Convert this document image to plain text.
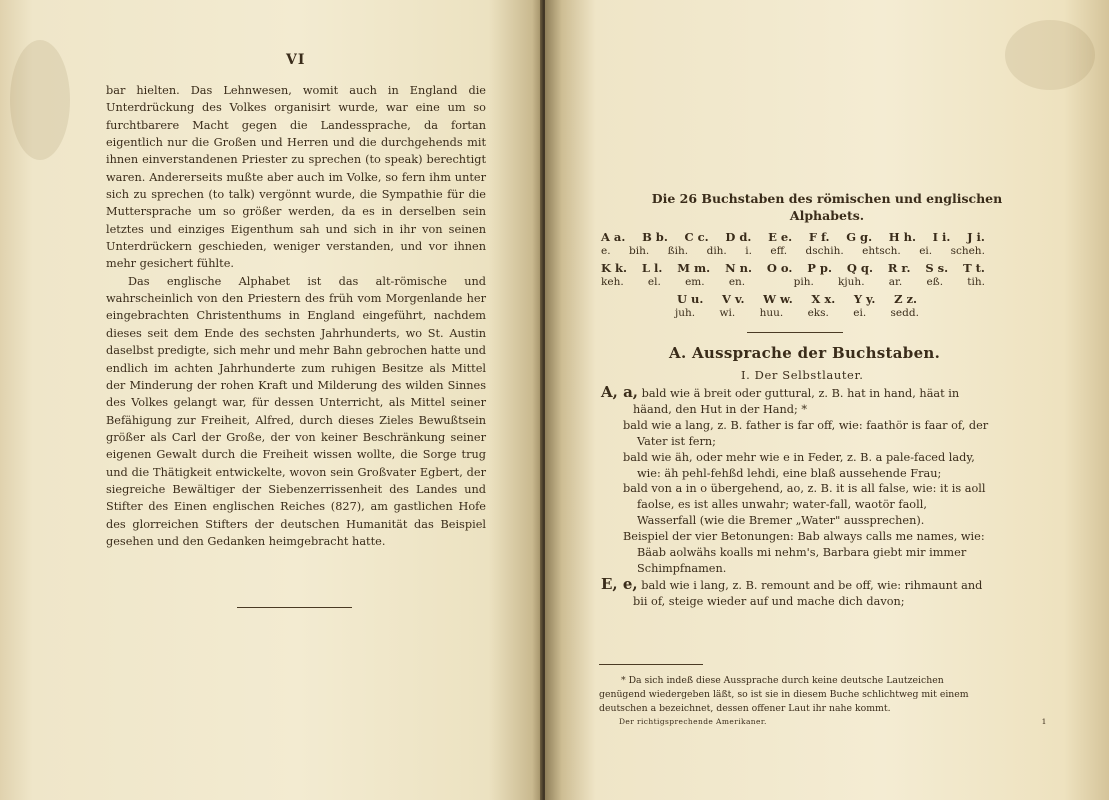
VI

bar hielten. Das Lehnwesen, womit auch in England die Unterdrückung des Volkes organisirt wurde, war eine um so furchtbarere Macht gegen die Landessprache, da fortan eigentlich nur die Großen und Herren und die durchgehends mit ihnen einverstandenen Priester zu sprechen (to speak) berechtigt waren. Andererseits mußte aber auch im Volke, so fern ihm unter sich zu sprechen (to talk) vergönnt wurde, die Sympathie für die Muttersprache um so größer werden, da es in derselben sein letztes und einziges Eigenthum sah und sich in ihr von seinen Unterdrückern geschieden, weniger verstanden, und vor ihnen mehr gesichert fühlte.

Das englische Alphabet ist das alt-römische und wahrscheinlich von den Priestern des früh vom Morgenlande her eingebrachten Christenthums in England eingeführt, nachdem dieses seit dem Ende des sechsten Jahrhunderts, wo St. Austin daselbst predigte, sich mehr und mehr Bahn gebrochen hatte und endlich im achten Jahrhunderte zum ruhigen Besitze als Mittel der Minderung der rohen Kraft und Milderung des wilden Sinnes des Volkes gelangt war, für dessen Unterricht, als Mittel seiner Befähigung zur Freiheit, Alfred, durch dieses Zieles Bewußtsein größer als Carl der Große, der von keiner Beschränkung seiner eigenen Gewalt durch die Freiheit wissen wollte, die Sorge trug und die Thätigkeit entwickelte, wovon sein Großvater Egbert, der siegreiche Bewältiger der Siebenzerrissenheit des Landes und Stifter des Einen englischen Reiches (827), am gastlichen Hofe des glorreichen Stifters der deutschen Humanität das Beispiel gesehen und den Gedanken heimgebracht hatte.

Die 26 Buchstaben des römischen und englischen
Alphabets.
A a. B b. C c. D d. E e. F f. G g. H h. I i. J i.
e. bih. ßih. dih. i. eff. dschih. ehtsch. ei. scheh.
K k. L l. M m. N n. O o. P p. Q q. R r. S s. T t.
keh. el. em. en.	pih. kjuh. ar. eß. tih.
U u. V v. W w. X x. Y y. Z z.
juh. wi. huu. eks. ei. sedd.
A. Aussprache der Buchstaben.
I. Der Selbstlauter.

A, a, bald wie ä breit oder guttural, z. B. hat in hand, häat in häand, den Hut in der Hand; *

bald wie a lang, z. B. father is far off, wie: faathör is faar of, der Vater ist fern;

bald wie äh, oder mehr wie e in Feder, z. B. a pale-faced lady, wie: äh pehl-fehßd lehdi, eine blaß aussehende Frau;

bald von a in o übergehend, ao, z. B. it is all false, wie: it is aoll faolse, es ist alles unwahr; water-fall, waotör faoll, Wasserfall (wie die Bremer „Water" aussprechen).

Beispiel der vier Betonungen: Bab always calls me names, wie: Bäab aolwähs koalls mi nehm's, Barbara giebt mir immer Schimpfnamen.

E, e, bald wie i lang, z. B. remount and be off, wie: rihmaunt and bii of, steige wieder auf und mache dich davon;

* Da sich indeß diese Aussprache durch keine deutsche Lautzeichen genügend wiedergeben läßt, so ist sie in diesem Buche schlichtweg mit einem deutschen a bezeichnet, dessen offener Laut ihr nahe kommt.
Der richtigsprechende Amerikaner.	1
